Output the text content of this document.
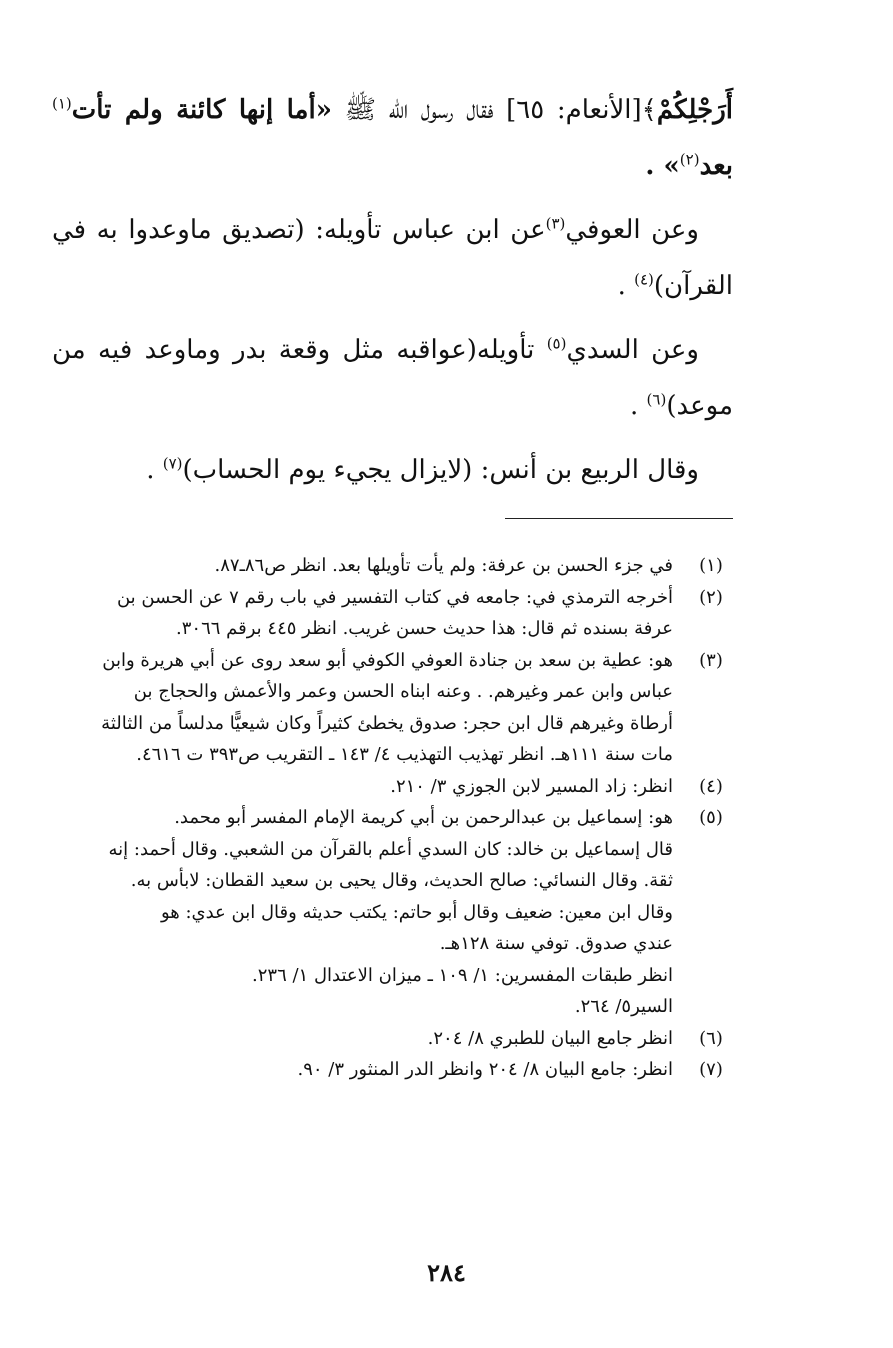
أَرَجْلِكُمْ﴾[الأنعام: ٦٥] فقال رسول الله ﷺ «أما إنها كائنة ولم تأت$^{(١)}$ بعد$^{(٢)}$» .

وعن العوفي$^{(٣)}$عن ابن عباس تأويله: (تصديق ماوعدوا به في القرآن)$^{(٤)}$ .

وعن السدي$^{(٥)}$ تأويله(عواقبه مثل وقعة بدر وماوعد فيه من موعد)$^{(٦)}$ .

وقال الربيع بن أنس: (لايزال يجيء يوم الحساب)$^{(٧)}$ .

(١)
في جزء الحسن بن عرفة: ولم يأت تأويلها بعد. انظر ص٨٦ـ٨٧.
(٢)
أخرجه الترمذي في: جامعه في كتاب التفسير في باب رقم ٧ عن الحسن بن
عرفة بسنده ثم قال: هذا حديث حسن غريب. انظر ٤٤٥ برقم ٣٠٦٦.
(٣)
هو: عطية بن سعد بن جنادة العوفي الكوفي أبو سعد روى عن أبي هريرة وابن
عباس وابن عمر وغيرهم. . وعنه ابناه الحسن وعمر والأعمش والحجاج بن
أرطاة وغيرهم قال ابن حجر: صدوق يخطئ كثيراً وكان شيعيًّا مدلساً من الثالثة
مات سنة ١١١هـ. انظر تهذيب التهذيب ٤/ ١٤٣ ـ التقريب ص٣٩٣ ت ٤٦١٦.
(٤)
انظر: زاد المسير لابن الجوزي ٣/ ٢١٠.
(٥)
هو: إسماعيل بن عبدالرحمن بن أبي كريمة الإمام المفسر أبو محمد.
قال إسماعيل بن خالد: كان السدي أعلم بالقرآن من الشعبي. وقال أحمد: إنه
ثقة. وقال النسائي: صالح الحديث، وقال يحيى بن سعيد القطان: لابأس به.
وقال ابن معين: ضعيف وقال أبو حاتم: يكتب حديثه وقال ابن عدي: هو
عندي صدوق. توفي سنة ١٢٨هـ.
انظر طبقات المفسرين: ١/ ١٠٩ ـ ميزان الاعتدال ١/ ٢٣٦.
السير٥/ ٢٦٤.
(٦)
انظر جامع البيان للطبري ٨/ ٢٠٤.
(٧)
انظر: جامع البيان ٨/ ٢٠٤ وانظر الدر المنثور ٣/ ٩٠.
٢٨٤
